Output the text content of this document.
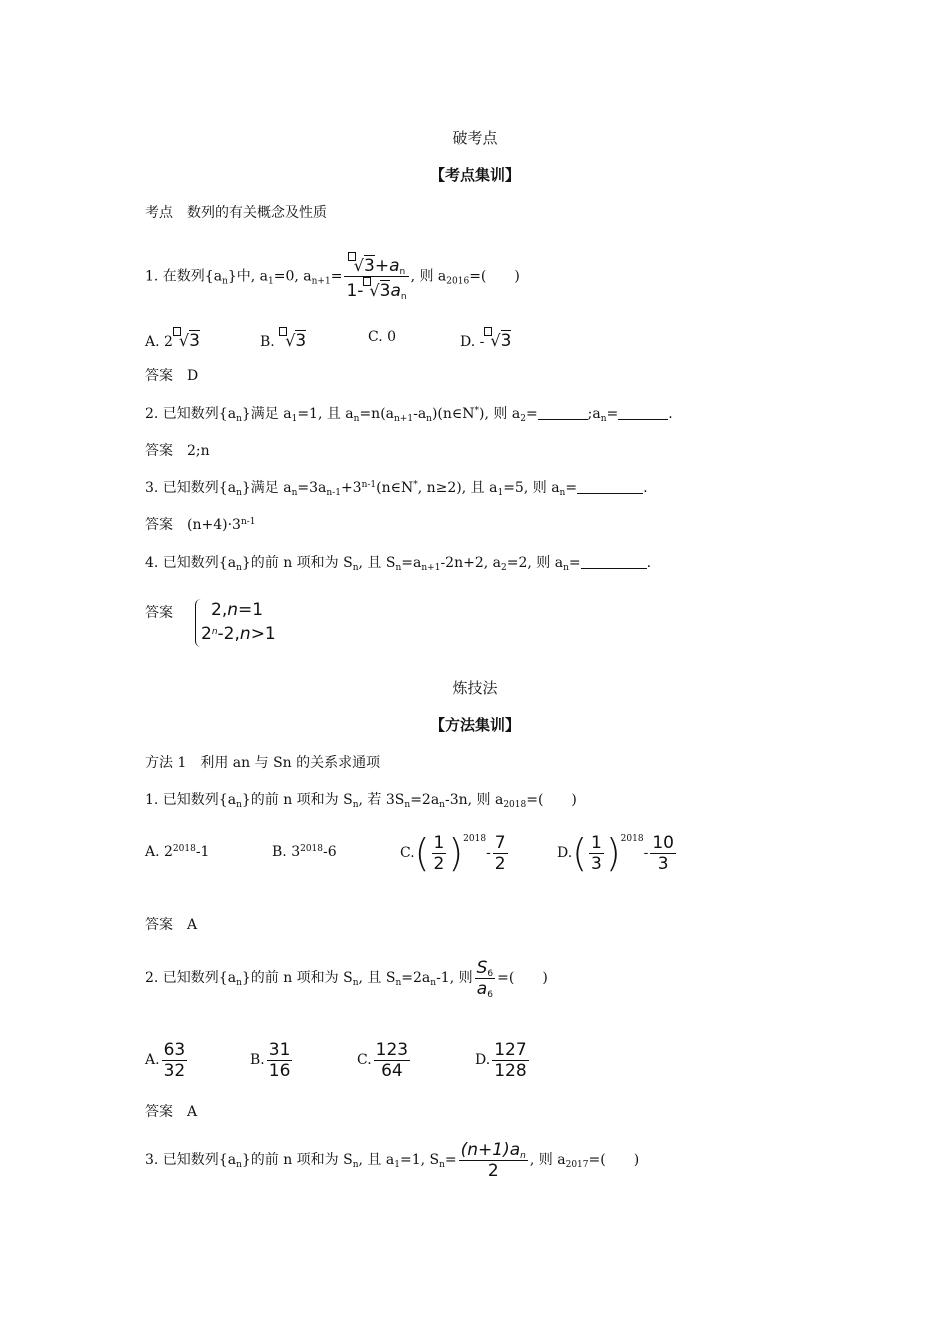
破考点
【考点集训】
考点　数列的有关概念及性质
1. 在数列$\{a_n\}$中, $a_1=0$, $a_{n+1}= \frac{√3+a_n}{1- √3a_n}$ , 则 $a_{2016}=$(　　)
A. 2 √3	B. √3	C. 0	D. - √3
答案　 D
2. 已知数列$\{a_n\}$满足 $a_1=1$, 且 $a_n=n(a_{n+1}-a_n)(n\in N^*)$, 则 $a_2=$	$;a_n=$	.
答案　 2;n
3. 已知数列$\{a_n\}$满足 $a_n=3a_{n-1}+3^{n-1}(n\in N^*$, n≥2), 且 $a_1=5$, 则 $a_n=$	.
答案　 $(n+4)\cdot 3^{n-1}$
4. 已知数列$\{a_n\}$的前 n 项和为 $S_n$, 且 $S_n=a_{n+1}-2n+2$, $a_2=2$, 则 $a_n=$	.
答案 2,n=1
$2^n-2,n>1$
炼技法
【方法集训】
方法 1　利用 an 与 Sn 的关系求通项
1. 已知数列$\{a_n\}$的前 n 项和为 $S_n$, 若 $3S_n=2a_n-3n$, 则 $a_{2018}=$(　　)
A. $2^{2018}-1$	B. $3^{2018}-6$	$C.( \frac{1}{2} )^{2018}- \frac{7}{2}$	$D.( \frac{1}{3} )^{2018}- \frac{10}{3}$
答案　 A
2. 已知数列$\{a_n\}$的前 n 项和为 $S_n$, 且 $S_n=2a_n-1$, 则 $\frac{S_6}{a_6}$ =(　　)
A. $\frac{63}{32}$	B. $\frac{31}{16}$	C. $\frac{123}{64}$	D. $\frac{127}{128}$
答案　 A
3. 已知数列$\{a_n\}$的前 n 项和为 $S_n$, 且 $a_1=1$, $S_n= \frac{(n+1)a_n}{2}$ , 则 $a_{2017}=$(　　)
